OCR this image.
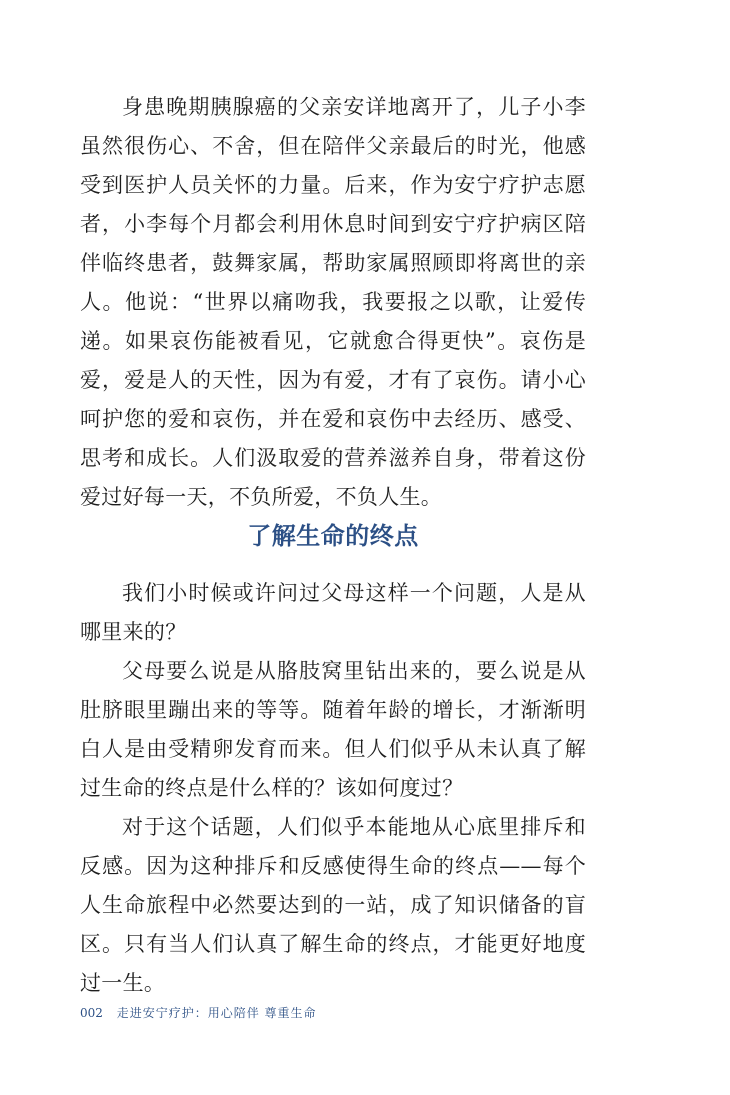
身患晚期胰腺癌的父亲安详地离开了，儿子小李虽然很伤心、不舍，但在陪伴父亲最后的时光，他感受到医护人员关怀的力量。后来，作为安宁疗护志愿者，小李每个月都会利用休息时间到安宁疗护病区陪伴临终患者，鼓舞家属，帮助家属照顾即将离世的亲人。他说：“世界以痛吻我，我要报之以歌，让爱传递。如果哀伤能被看见，它就愈合得更快”。哀伤是爱，爱是人的天性，因为有爱，才有了哀伤。请小心呵护您的爱和哀伤，并在爱和哀伤中去经历、感受、思考和成长。人们汲取爱的营养滋养自身，带着这份爱过好每一天，不负所爱，不负人生。

了解生命的终点

我们小时候或许问过父母这样一个问题，人是从哪里来的？

父母要么说是从胳肢窝里钻出来的，要么说是从肚脐眼里蹦出来的等等。随着年龄的增长，才渐渐明白人是由受精卵发育而来。但人们似乎从未认真了解过生命的终点是什么样的？该如何度过？

对于这个话题，人们似乎本能地从心底里排斥和反感。因为这种排斥和反感使得生命的终点——每个人生命旅程中必然要达到的一站，成了知识储备的盲区。只有当人们认真了解生命的终点，才能更好地度过一生。

002 走进安宁疗护：用心陪伴 尊重生命
